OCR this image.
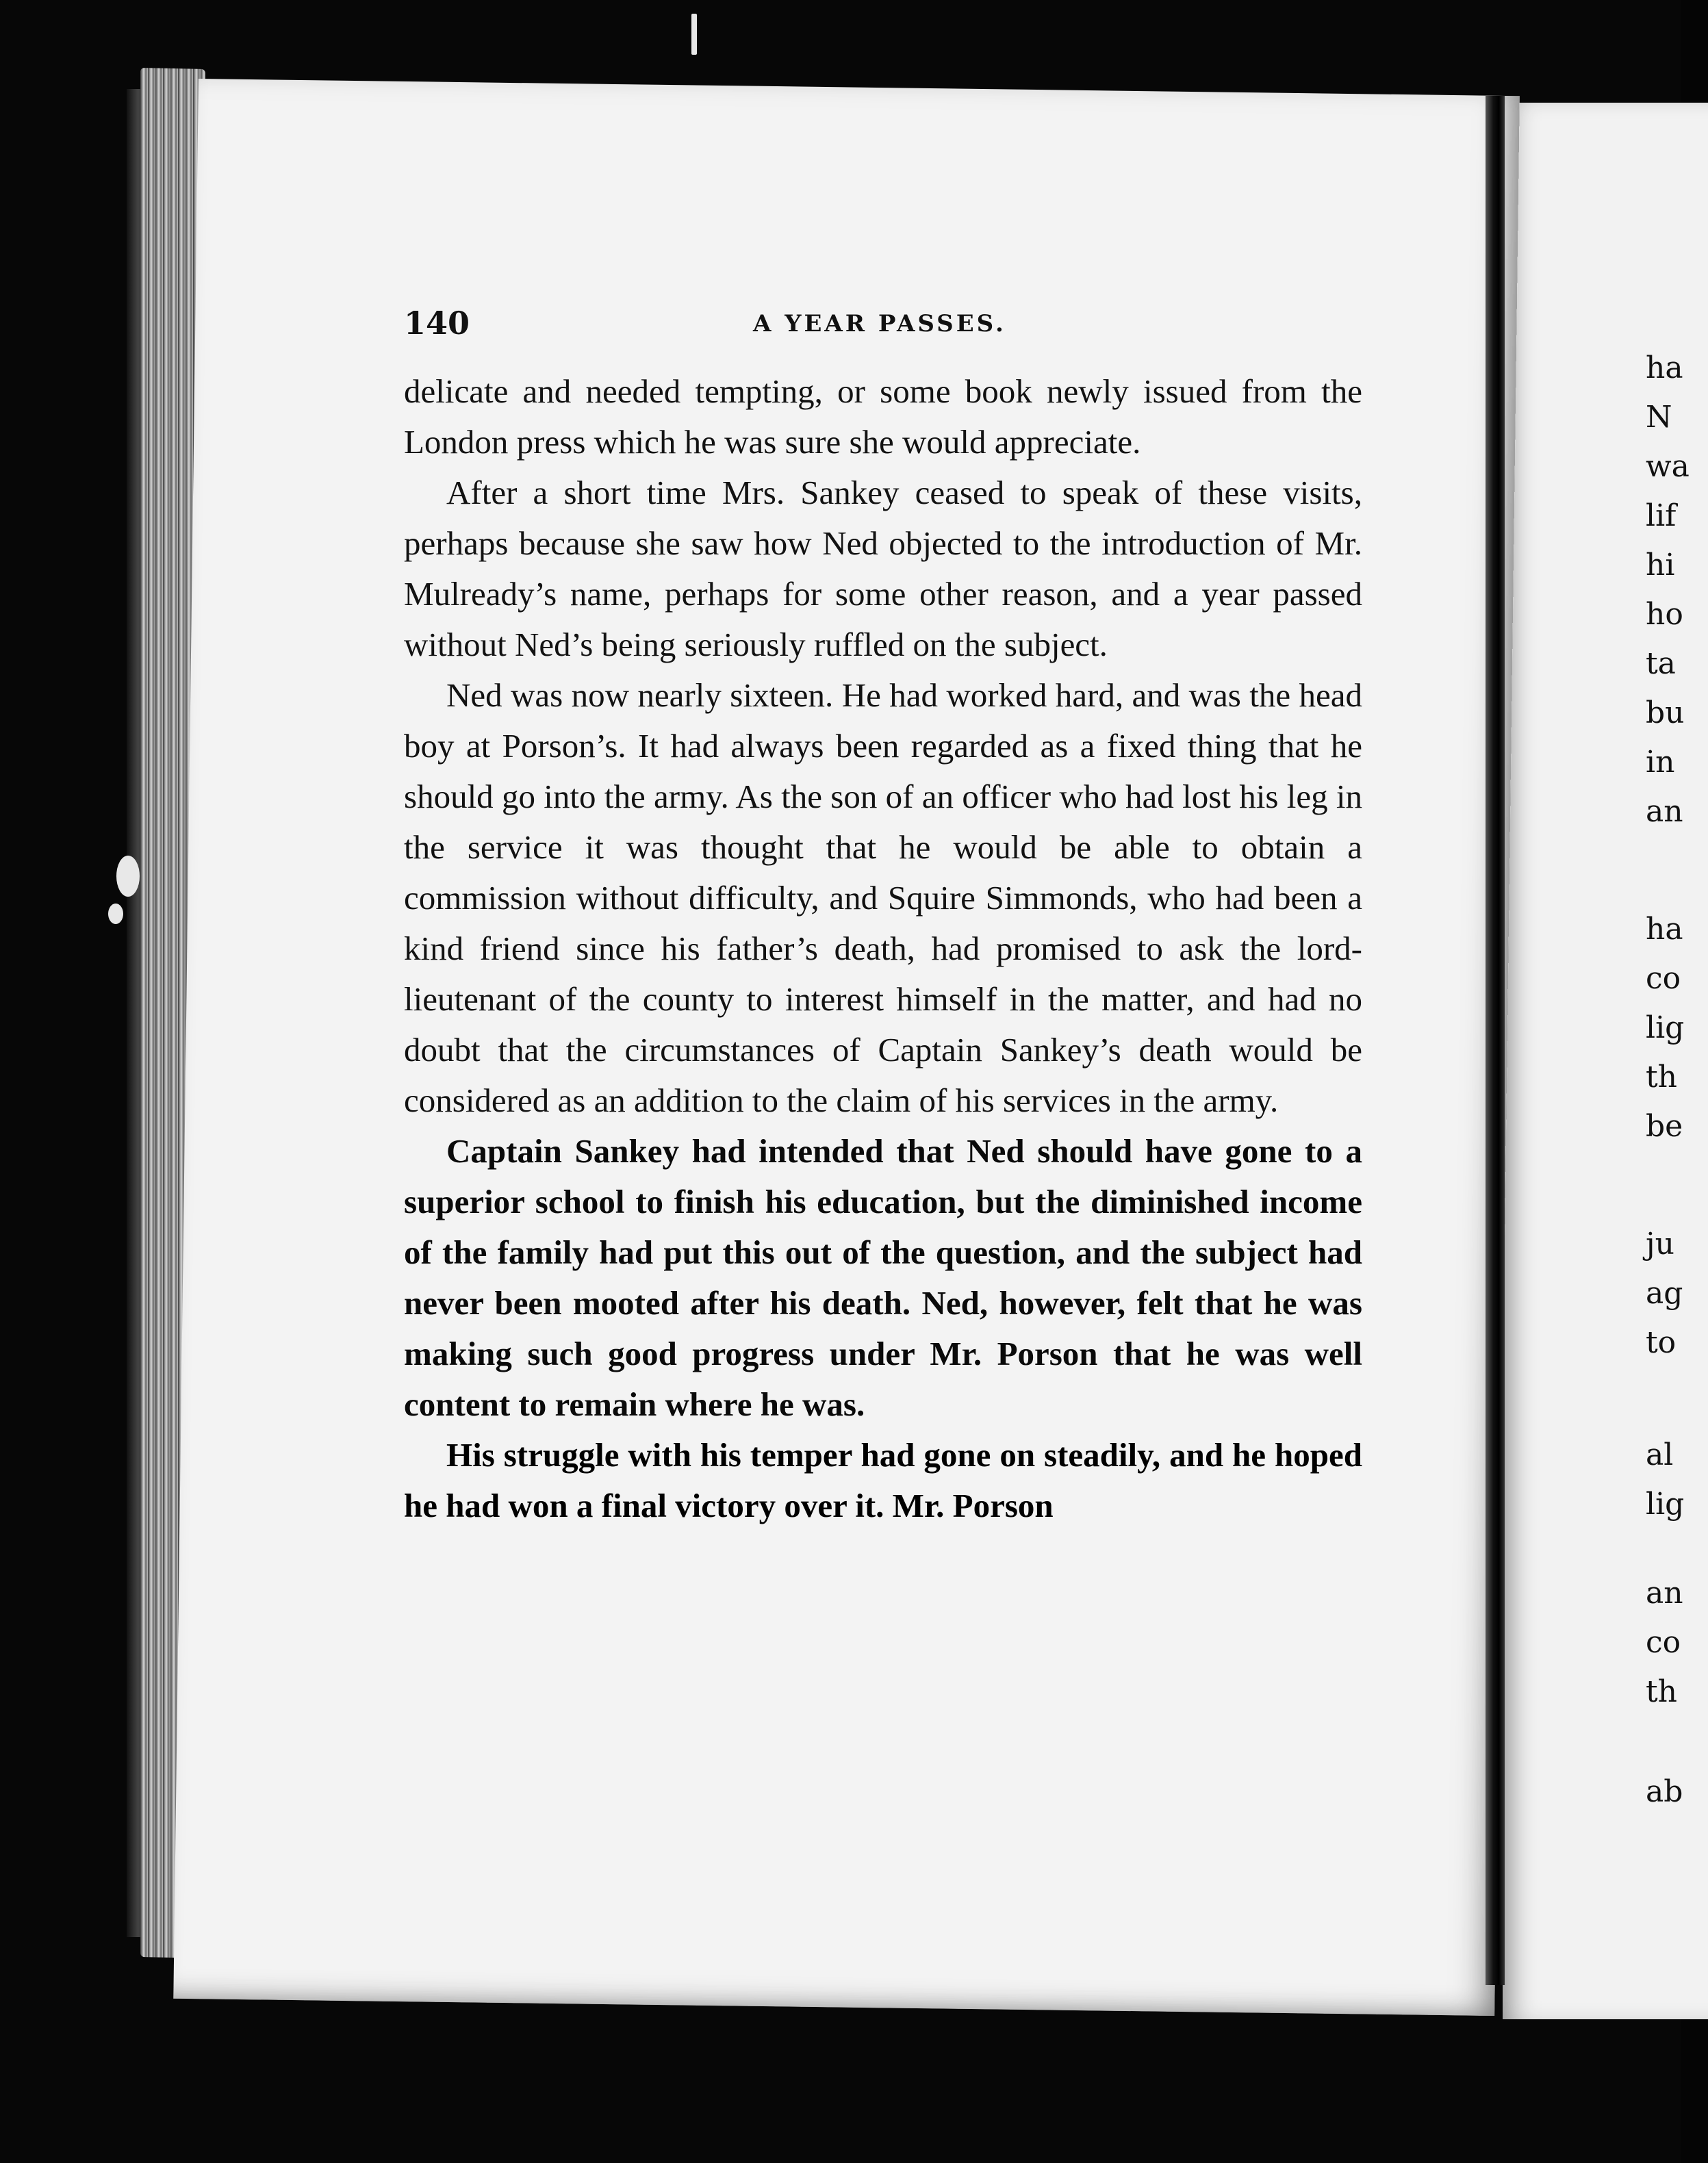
ha
N
wa
lif
hi
ho
ta
bu
in
an
ha
co
lig
th
be
ju
ag
to
al
lig
an
co
th
ab
140	A YEAR PASSES.

delicate and needed tempting, or some book newly issued from the London press which he was sure she would appreciate.

After a short time Mrs. Sankey ceased to speak of these visits, perhaps because she saw how Ned objected to the introduction of Mr. Mulready’s name, perhaps for some other reason, and a year passed without Ned’s being seriously ruffled on the subject.

Ned was now nearly sixteen. He had worked hard, and was the head boy at Porson’s. It had always been regarded as a fixed thing that he should go into the army. As the son of an officer who had lost his leg in the service it was thought that he would be able to obtain a commission without difficulty, and Squire Simmonds, who had been a kind friend since his father’s death, had promised to ask the lord-lieutenant of the county to interest himself in the matter, and had no doubt that the circumstances of Captain Sankey’s death would be considered as an addition to the claim of his services in the army.

Captain Sankey had intended that Ned should have gone to a superior school to finish his education, but the diminished income of the family had put this out of the question, and the subject had never been mooted after his death. Ned, however, felt that he was making such good progress under Mr. Porson that he was well content to remain where he was.

His struggle with his temper had gone on steadily, and he hoped he had won a final victory over it. Mr. Porson
